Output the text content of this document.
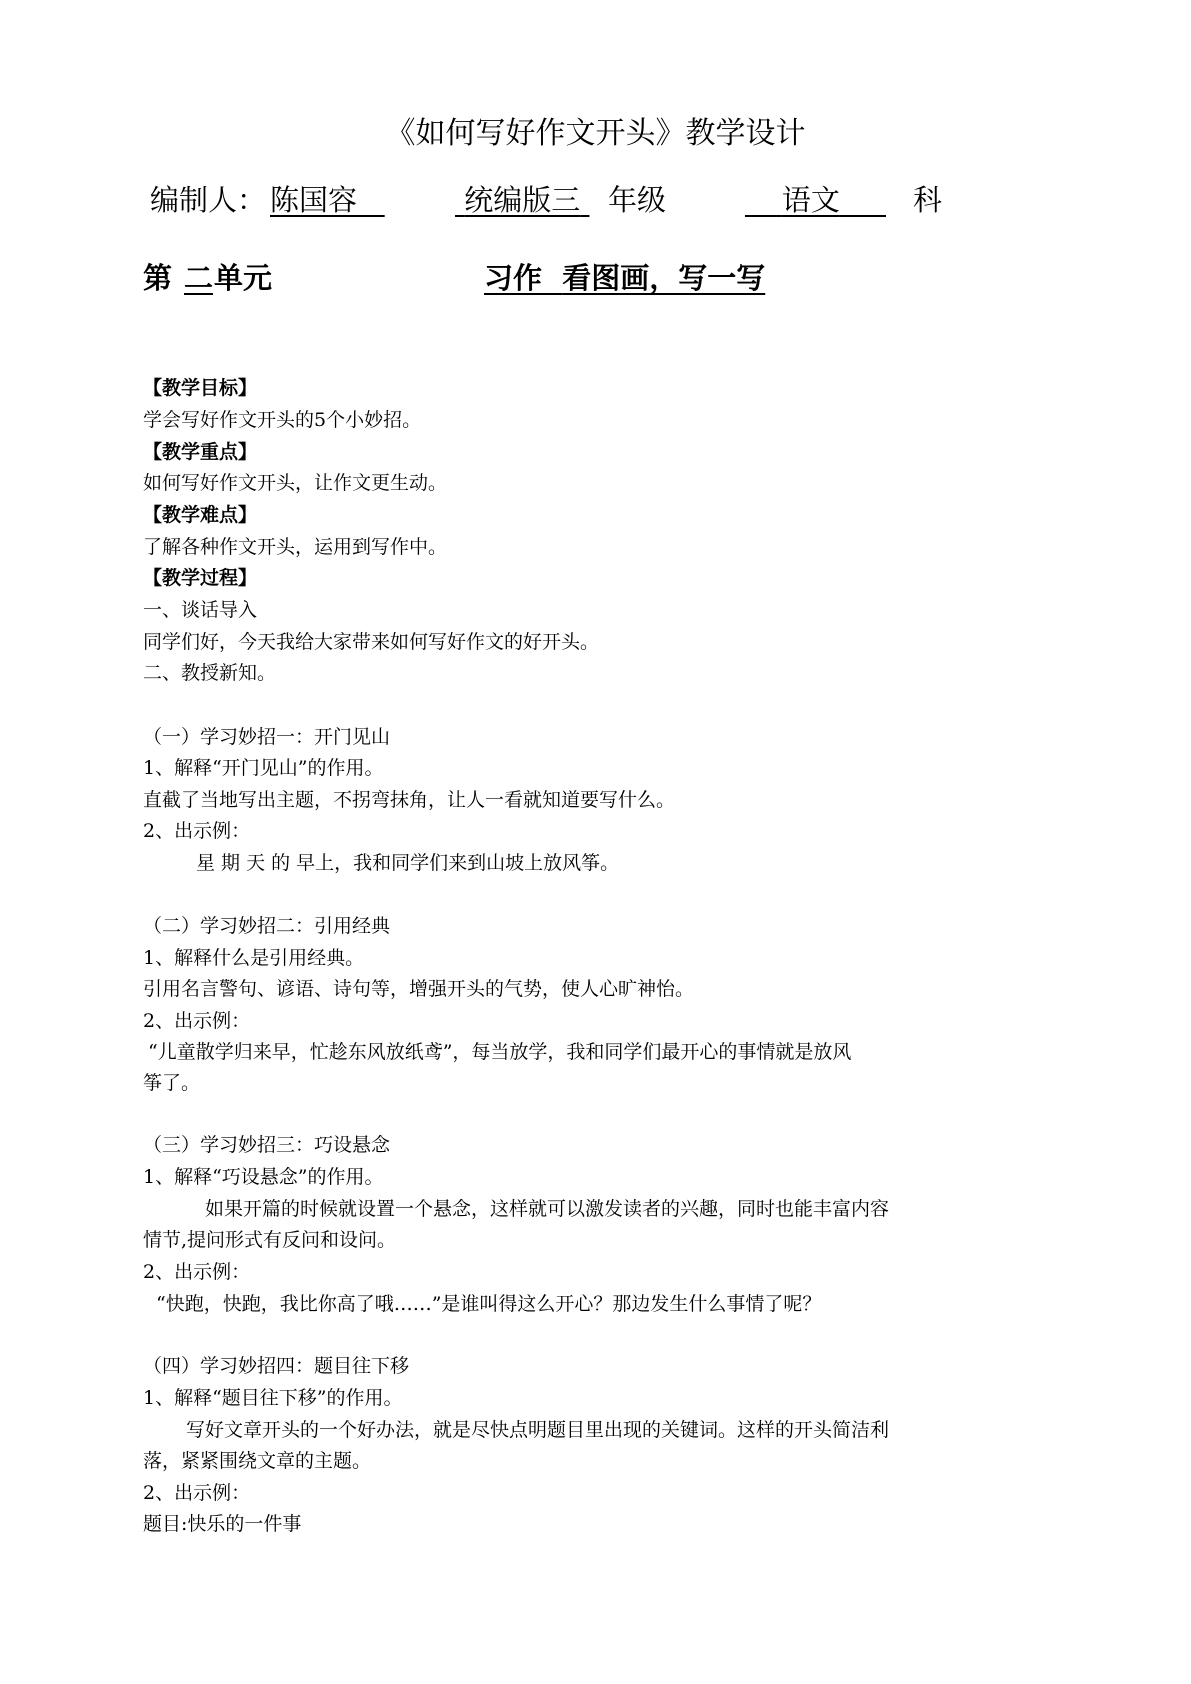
《如何写好作文开头》教学设计
编制人： 陈国容	统编版三 年级	语文	科
第 二 单元	习作 看图画，写一写
【教学目标】
学会写好作文开头的5个小妙招。
【教学重点】
如何写好作文开头，让作文更生动。
【教学难点】
了解各种作文开头，运用到写作中。
【教学过程】
一、谈话导入
同学们好，今天我给大家带来如何写好作文的好开头。
二、教授新知。
（一）学习妙招一：开门见山
1、解释“开门见山”的作用。
直截了当地写出主题，不拐弯抹角，让人一看就知道要写什么。
2、出示例：
星 期 天 的 早上，我和同学们来到山坡上放风筝。
（二）学习妙招二：引用经典
1、解释什么是引用经典。
引用名言警句、谚语、诗句等，增强开头的气势，使人心旷神怡。
2、出示例：
“儿童散学归来早，忙趁东风放纸鸢”，每当放学，我和同学们最开心的事情就是放风
筝了。
（三）学习妙招三：巧设悬念
1、解释“巧设悬念”的作用。
如果开篇的时候就设置一个悬念，这样就可以激发读者的兴趣，同时也能丰富内容
情节,提问形式有反问和设问。
2、出示例：
“快跑，快跑，我比你高了哦……”是谁叫得这么开心？那边发生什么事情了呢？
（四）学习妙招四：题目往下移
1、解释“题目往下移”的作用。
写好文章开头的一个好办法，就是尽快点明题目里出现的关键词。这样的开头简洁利
落，紧紧围绕文章的主题。
2、出示例：
题目:快乐的一件事
